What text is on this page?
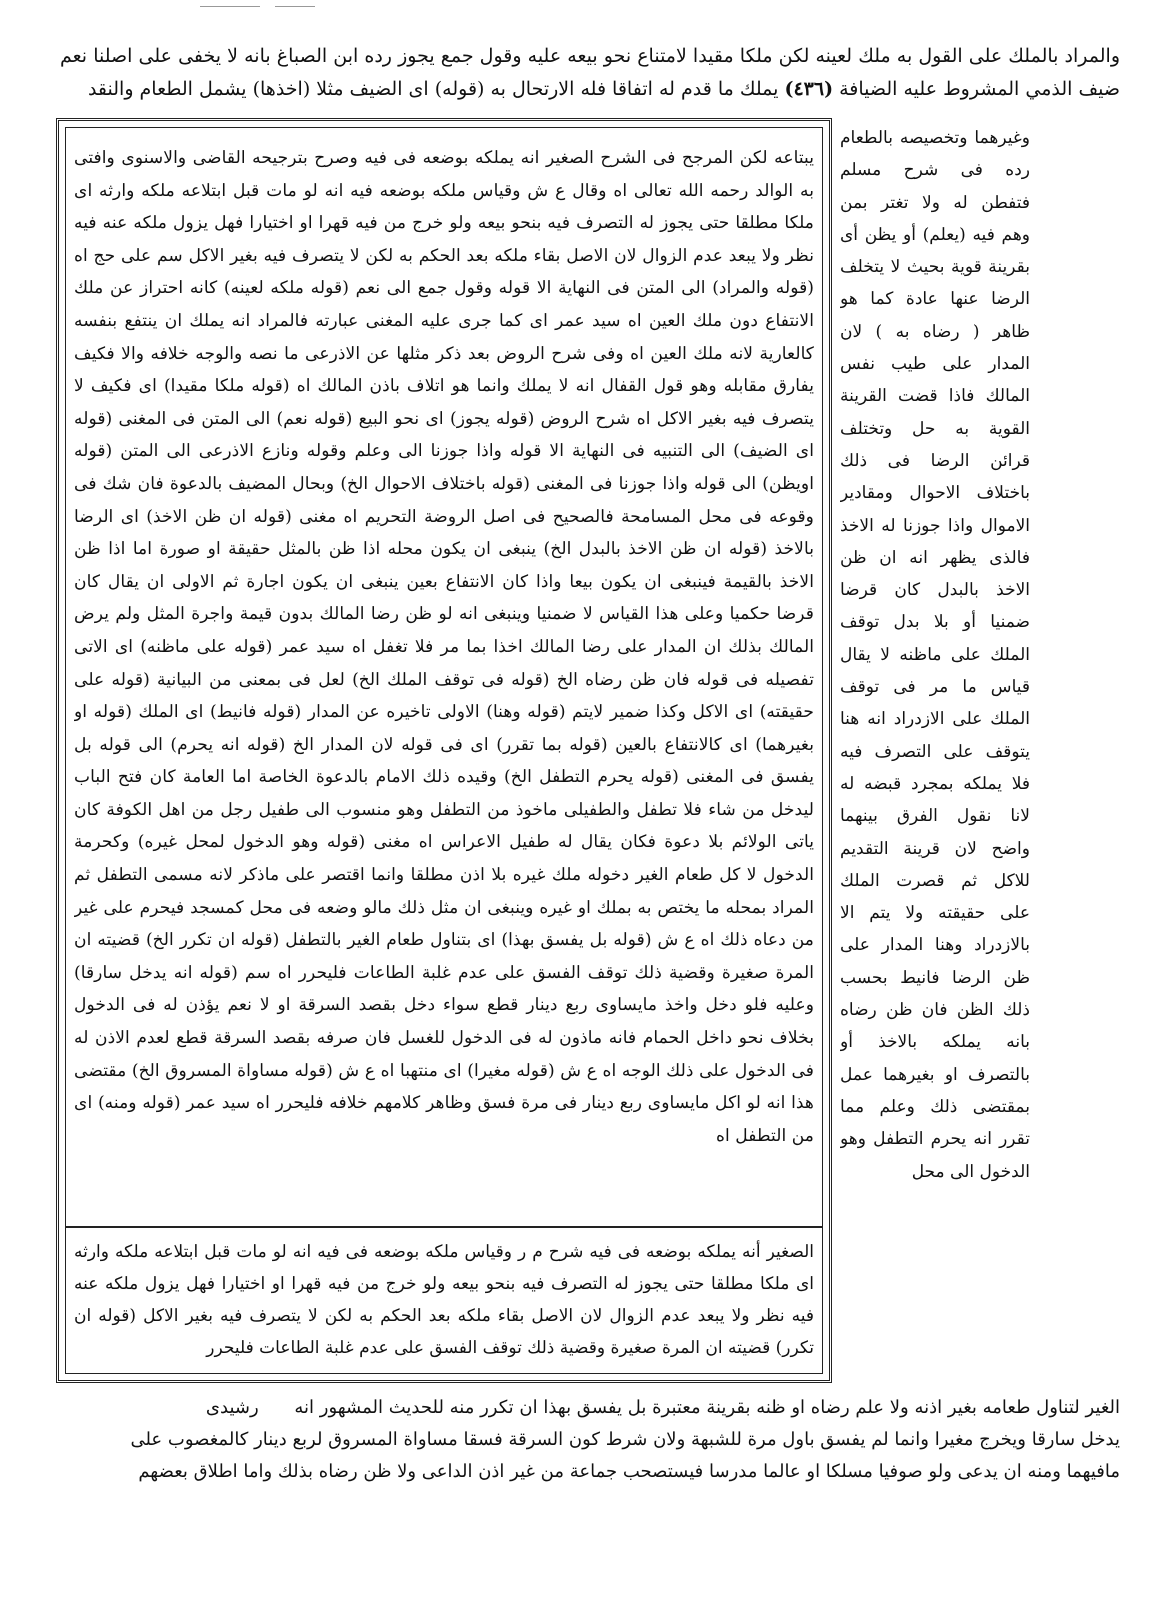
والمراد بالملك على القول به ملك لعينه لكن ملكا مقيدا لامتناع نحو بيعه عليه وقول جمع يجوز رده ابن الصباغ بانه لا يخفى على اصلنا نعم ضيف الذمي المشروط عليه الضيافة (٤٣٦) يملك ما قدم له اتفاقا فله الارتحال به (قوله) اى الضيف مثلا (اخذها) يشمل الطعام والنقد
يبتاعه لكن المرجح فى الشرح الصغير انه يملكه بوضعه فى فيه وصرح بترجيحه القاضى والاسنوى وافتى به الوالد رحمه الله تعالى اه وقال ع ش وقياس ملكه بوضعه فيه انه لو مات قبل ابتلاعه ملكه وارثه اى ملكا مطلقا حتى يجوز له التصرف فيه بنحو بيعه ولو خرج من فيه قهرا او اختيارا فهل يزول ملكه عنه فيه نظر ولا يبعد عدم الزوال لان الاصل بقاء ملكه بعد الحكم به لكن لا يتصرف فيه بغير الاكل سم على حج اه (قوله والمراد) الى المتن فى النهاية الا قوله وقول جمع الى نعم (قوله ملكه لعينه) كانه احتراز عن ملك الانتفاع دون ملك العين اه سيد عمر اى كما جرى عليه المغنى عبارته فالمراد انه يملك ان ينتفع بنفسه كالعارية لانه ملك العين اه وفى شرح الروض بعد ذكر مثلها عن الاذرعى ما نصه والوجه خلافه والا فكيف يفارق مقابله وهو قول القفال انه لا يملك وانما هو اتلاف باذن المالك اه (قوله ملكا مقيدا) اى فكيف لا يتصرف فيه بغير الاكل اه شرح الروض (قوله يجوز) اى نحو البيع (قوله نعم) الى المتن فى المغنى (قوله اى الضيف) الى التنبيه فى النهاية الا قوله واذا جوزنا الى وعلم وقوله ونازع الاذرعى الى المتن (قوله اويظن) الى قوله واذا جوزنا فى المغنى (قوله باختلاف الاحوال الخ) وبحال المضيف بالدعوة فان شك فى وقوعه فى محل المسامحة فالصحيح فى اصل الروضة التحريم اه مغنى (قوله ان ظن الاخذ) اى الرضا بالاخذ (قوله ان ظن الاخذ بالبدل الخ) ينبغى ان يكون محله اذا ظن بالمثل حقيقة او صورة اما اذا ظن الاخذ بالقيمة فينبغى ان يكون بيعا واذا كان الانتفاع بعين ينبغى ان يكون اجارة ثم الاولى ان يقال كان قرضا حكميا وعلى هذا القياس لا ضمنيا وينبغى انه لو ظن رضا المالك بدون قيمة واجرة المثل ولم يرض المالك بذلك ان المدار على رضا المالك اخذا بما مر فلا تغفل اه سيد عمر (قوله على ماظنه) اى الاتى تفصيله فى قوله فان ظن رضاه الخ (قوله فى توقف الملك الخ) لعل فى بمعنى من البيانية (قوله على حقيقته) اى الاكل وكذا ضمير لايتم (قوله وهنا) الاولى تاخيره عن المدار (قوله فانيط) اى الملك (قوله او بغيرهما) اى كالانتفاع بالعين (قوله بما تقرر) اى فى قوله لان المدار الخ (قوله انه يحرم) الى قوله بل يفسق فى المغنى (قوله يحرم التطفل الخ) وقيده ذلك الامام بالدعوة الخاصة اما العامة كان فتح الباب ليدخل من شاء فلا تطفل والطفيلى ماخوذ من التطفل وهو منسوب الى طفيل رجل من اهل الكوفة كان ياتى الولائم بلا دعوة فكان يقال له طفيل الاعراس اه مغنى (قوله وهو الدخول لمحل غيره) وكحرمة الدخول لا كل طعام الغير دخوله ملك غيره بلا اذن مطلقا وانما اقتصر على ماذكر لانه مسمى التطفل ثم المراد بمحله ما يختص به بملك او غيره وينبغى ان مثل ذلك مالو وضعه فى محل كمسجد فيحرم على غير من دعاه ذلك اه ع ش (قوله بل يفسق بهذا) اى بتناول طعام الغير بالتطفل (قوله ان تكرر الخ) قضيته ان المرة صغيرة وقضية ذلك توقف الفسق على عدم غلبة الطاعات فليحرر اه سم (قوله انه يدخل سارقا) وعليه فلو دخل واخذ مايساوى ربع دينار قطع سواء دخل بقصد السرقة او لا نعم يؤذن له فى الدخول بخلاف نحو داخل الحمام فانه ماذون له فى الدخول للغسل فان صرفه بقصد السرقة قطع لعدم الاذن له فى الدخول على ذلك الوجه اه ع ش (قوله مغيرا) اى منتهبا اه ع ش (قوله مساواة المسروق الخ) مقتضى هذا انه لو اكل مايساوى ربع دينار فى مرة فسق وظاهر كلامهم خلافه فليحرر اه سيد عمر (قوله ومنه) اى من التطفل اه
الصغير أنه يملكه بوضعه فى فيه شرح م ر وقياس ملكه بوضعه فى فيه انه لو مات قبل ابتلاعه ملكه وارثه اى ملكا مطلقا حتى يجوز له التصرف فيه بنحو بيعه ولو خرج من فيه قهرا او اختيارا فهل يزول ملكه عنه فيه نظر ولا يبعد عدم الزوال لان الاصل بقاء ملكه بعد الحكم به لكن لا يتصرف فيه بغير الاكل (قوله ان تكرر) قضيته ان المرة صغيرة وقضية ذلك توقف الفسق على عدم غلبة الطاعات فليحرر
وغيرهما وتخصيصه بالطعام رده فى شرح مسلم فتفطن له ولا تغتر بمن وهم فيه (يعلم) أو يظن أى بقرينة قوية بحيث لا يتخلف الرضا عنها عادة كما هو ظاهر ( رضاه به ) لان المدار على طيب نفس المالك فاذا قضت القرينة القوية به حل وتختلف قرائن الرضا فى ذلك باختلاف الاحوال ومقادير الاموال واذا جوزنا له الاخذ فالذى يظهر انه ان ظن الاخذ بالبدل كان قرضا ضمنيا أو بلا بدل توقف الملك على ماظنه لا يقال قياس ما مر فى توقف الملك على الازدراد انه هنا يتوقف على التصرف فيه فلا يملكه بمجرد قبضه له لانا نقول الفرق بينهما واضح لان قرينة التقديم للاكل ثم قصرت الملك على حقيقته ولا يتم الا بالازدراد وهنا المدار على ظن الرضا فانيط بحسب ذلك الظن فان ظن رضاه بانه يملكه بالاخذ أو بالتصرف او بغيرهما عمل بمقتضى ذلك وعلم مما تقرر انه يحرم التطفل وهو الدخول الى محل
الغير لتناول طعامه بغير اذنه ولا علم رضاه او ظنه بقرينة معتبرة بل يفسق بهذا ان تكرر منه للحديث المشهور انه رشيدى
يدخل سارقا ويخرج مغيرا وانما لم يفسق باول مرة للشبهة ولان شرط كون السرقة فسقا مساواة المسروق لربع دينار كالمغصوب على
مافيهما ومنه ان يدعى ولو صوفيا مسلكا او عالما مدرسا فيستصحب جماعة من غير اذن الداعى ولا ظن رضاه بذلك واما اطلاق بعضهم
